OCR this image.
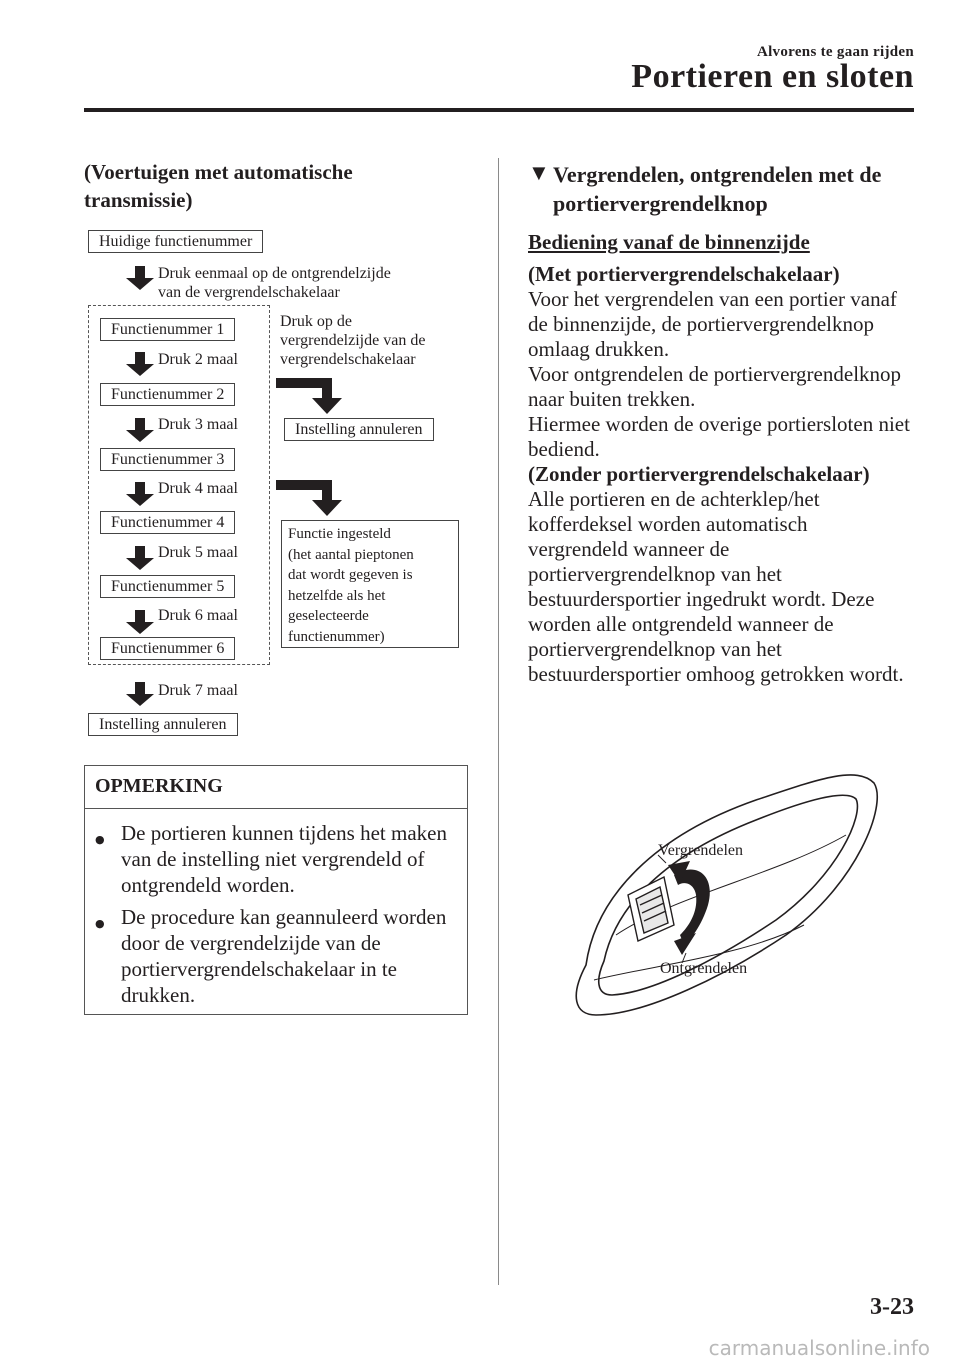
Alvorens te gaan rijden
Portieren en sloten
(Voertuigen met automatische transmissie)
Huidige functienummer
Druk eenmaal op de ontgrendelzijde
van de vergrendelschakelaar
Functienummer 1
Druk 2 maal
Functienummer 2
Druk 3 maal
Functienummer 3
Druk 4 maal
Functienummer 4
Druk 5 maal
Functienummer 5
Druk 6 maal
Functienummer 6
Druk 7 maal
Instelling annuleren
Druk op de
vergrendelzijde van de
vergrendelschakelaar
Instelling annuleren
Functie ingesteld
(het aantal pieptonen
dat wordt gegeven is
hetzelfde als het
geselecteerde
functienummer)
OPMERKING
● De portieren kunnen tijdens het maken van de instelling niet vergrendeld of ontgrendeld worden.
● De procedure kan geannuleerd worden door de vergrendelzijde van de portiervergrendelschakelaar in te drukken.
▼ Vergrendelen, ontgrendelen met de portiervergrendelknop
Bediening vanaf de binnenzijde

(Met portiervergrendelschakelaar)

Voor het vergrendelen van een portier vanaf de binnenzijde, de portiervergrendelknop omlaag drukken.

Voor ontgrendelen de portiervergrendelknop naar buiten trekken.

Hiermee worden de overige portiersloten niet bediend.

(Zonder portiervergrendelschakelaar)

Alle portieren en de achterklep/het kofferdeksel worden automatisch vergrendeld wanneer de portiervergrendelknop van het bestuurdersportier ingedrukt wordt. Deze worden alle ontgrendeld wanneer de portiervergrendelknop van het bestuurdersportier omhoog getrokken wordt.

Vergrendelen
Ontgrendelen
3-23
carmanualsonline.info
